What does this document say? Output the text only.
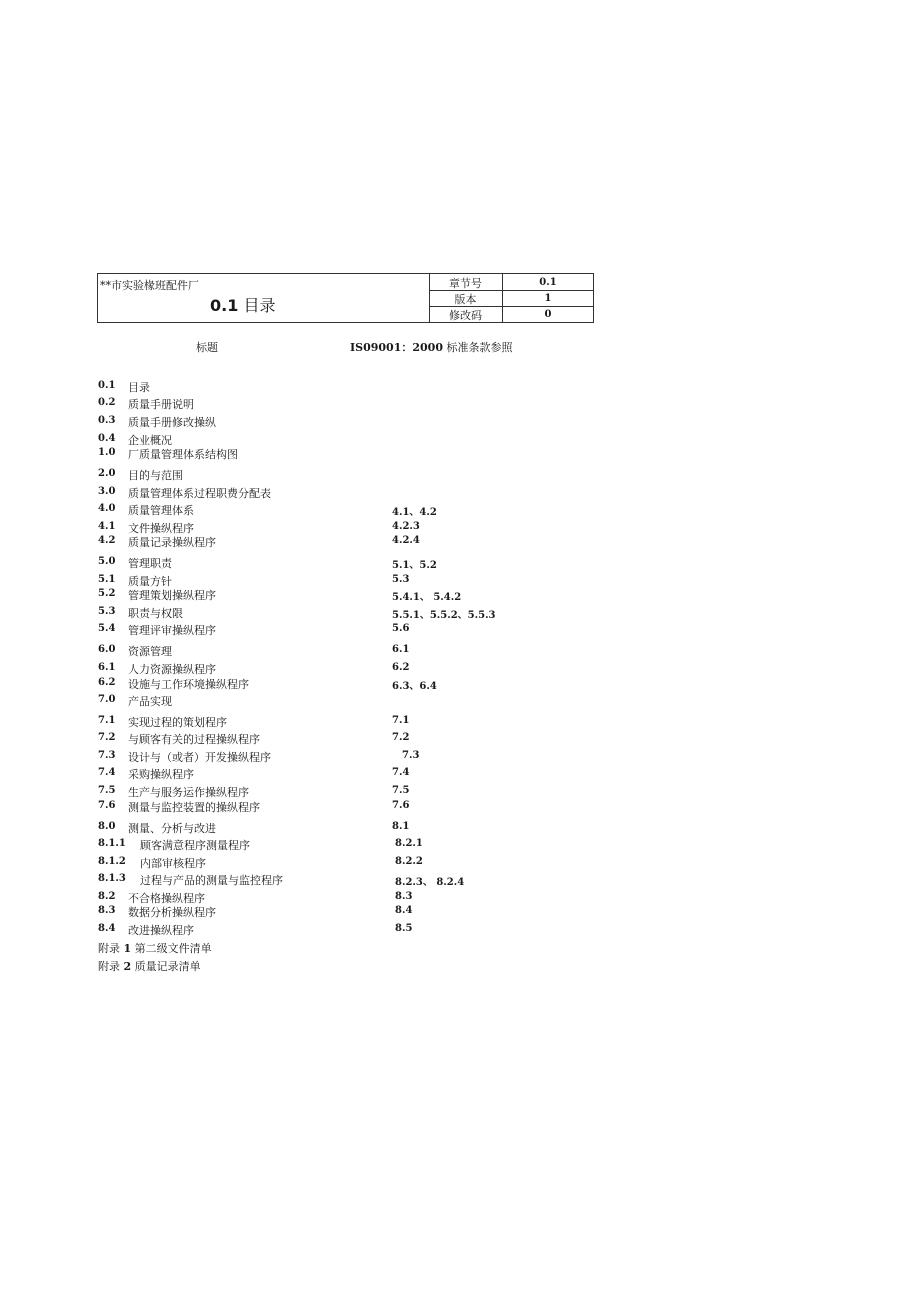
**市实验椽班配件厂
0.1 目录
章节号	0.1
版本	1
修改码	0
标题	IS09001：2000 标准条款参照
0.1 目录
0.2 质量手册说明
0.3 质量手册修改操纵
0.4 企业概况
1.0 厂质量管理体系结构图
2.0 目的与范围
3.0 质量管理体系过程职费分配表
4.0 质量管理体系	4.1、4.2
4.1 文件操纵程序	4.2.3
4.2 质量记录操纵程序	4.2.4
5.0 管理职责	5.1、5.2
5.1 质量方针	5.3
5.2 管理策划操纵程序	5.4.1、 5.4.2
5.3 职责与权限	5.5.1、5.5.2、5.5.3
5.4 管理评审操纵程序	5.6
6.0 资源管理	6.1
6.1 人力资源操纵程序	6.2
6.2 设施与工作环境操纵程序	6.3、6.4
7.0 产品实现
7.1 实现过程的策划程序	7.1
7.2 与顾客有关的过程操纵程序	7.2
7.3 设计与（或者）开发操纵程序	7.3
7.4 采购操纵程序	7.4
7.5 生产与服务运作操纵程序	7.5
7.6 测量与监控装置的操纵程序	7.6
8.0 测量、分析与改进	8.1
8.1.1 顾客满意程序测量程序	8.2.1
8.1.2 内部审核程序	8.2.2
8.1.3 过程与产品的测量与监控程序	8.2.3、 8.2.4
8.2 不合格操纵程序	8.3
8.3 数据分析操纵程序	8.4
8.4 改进操纵程序	8.5
附录 1 第二级文件清单
附录 2 质量记录清单
